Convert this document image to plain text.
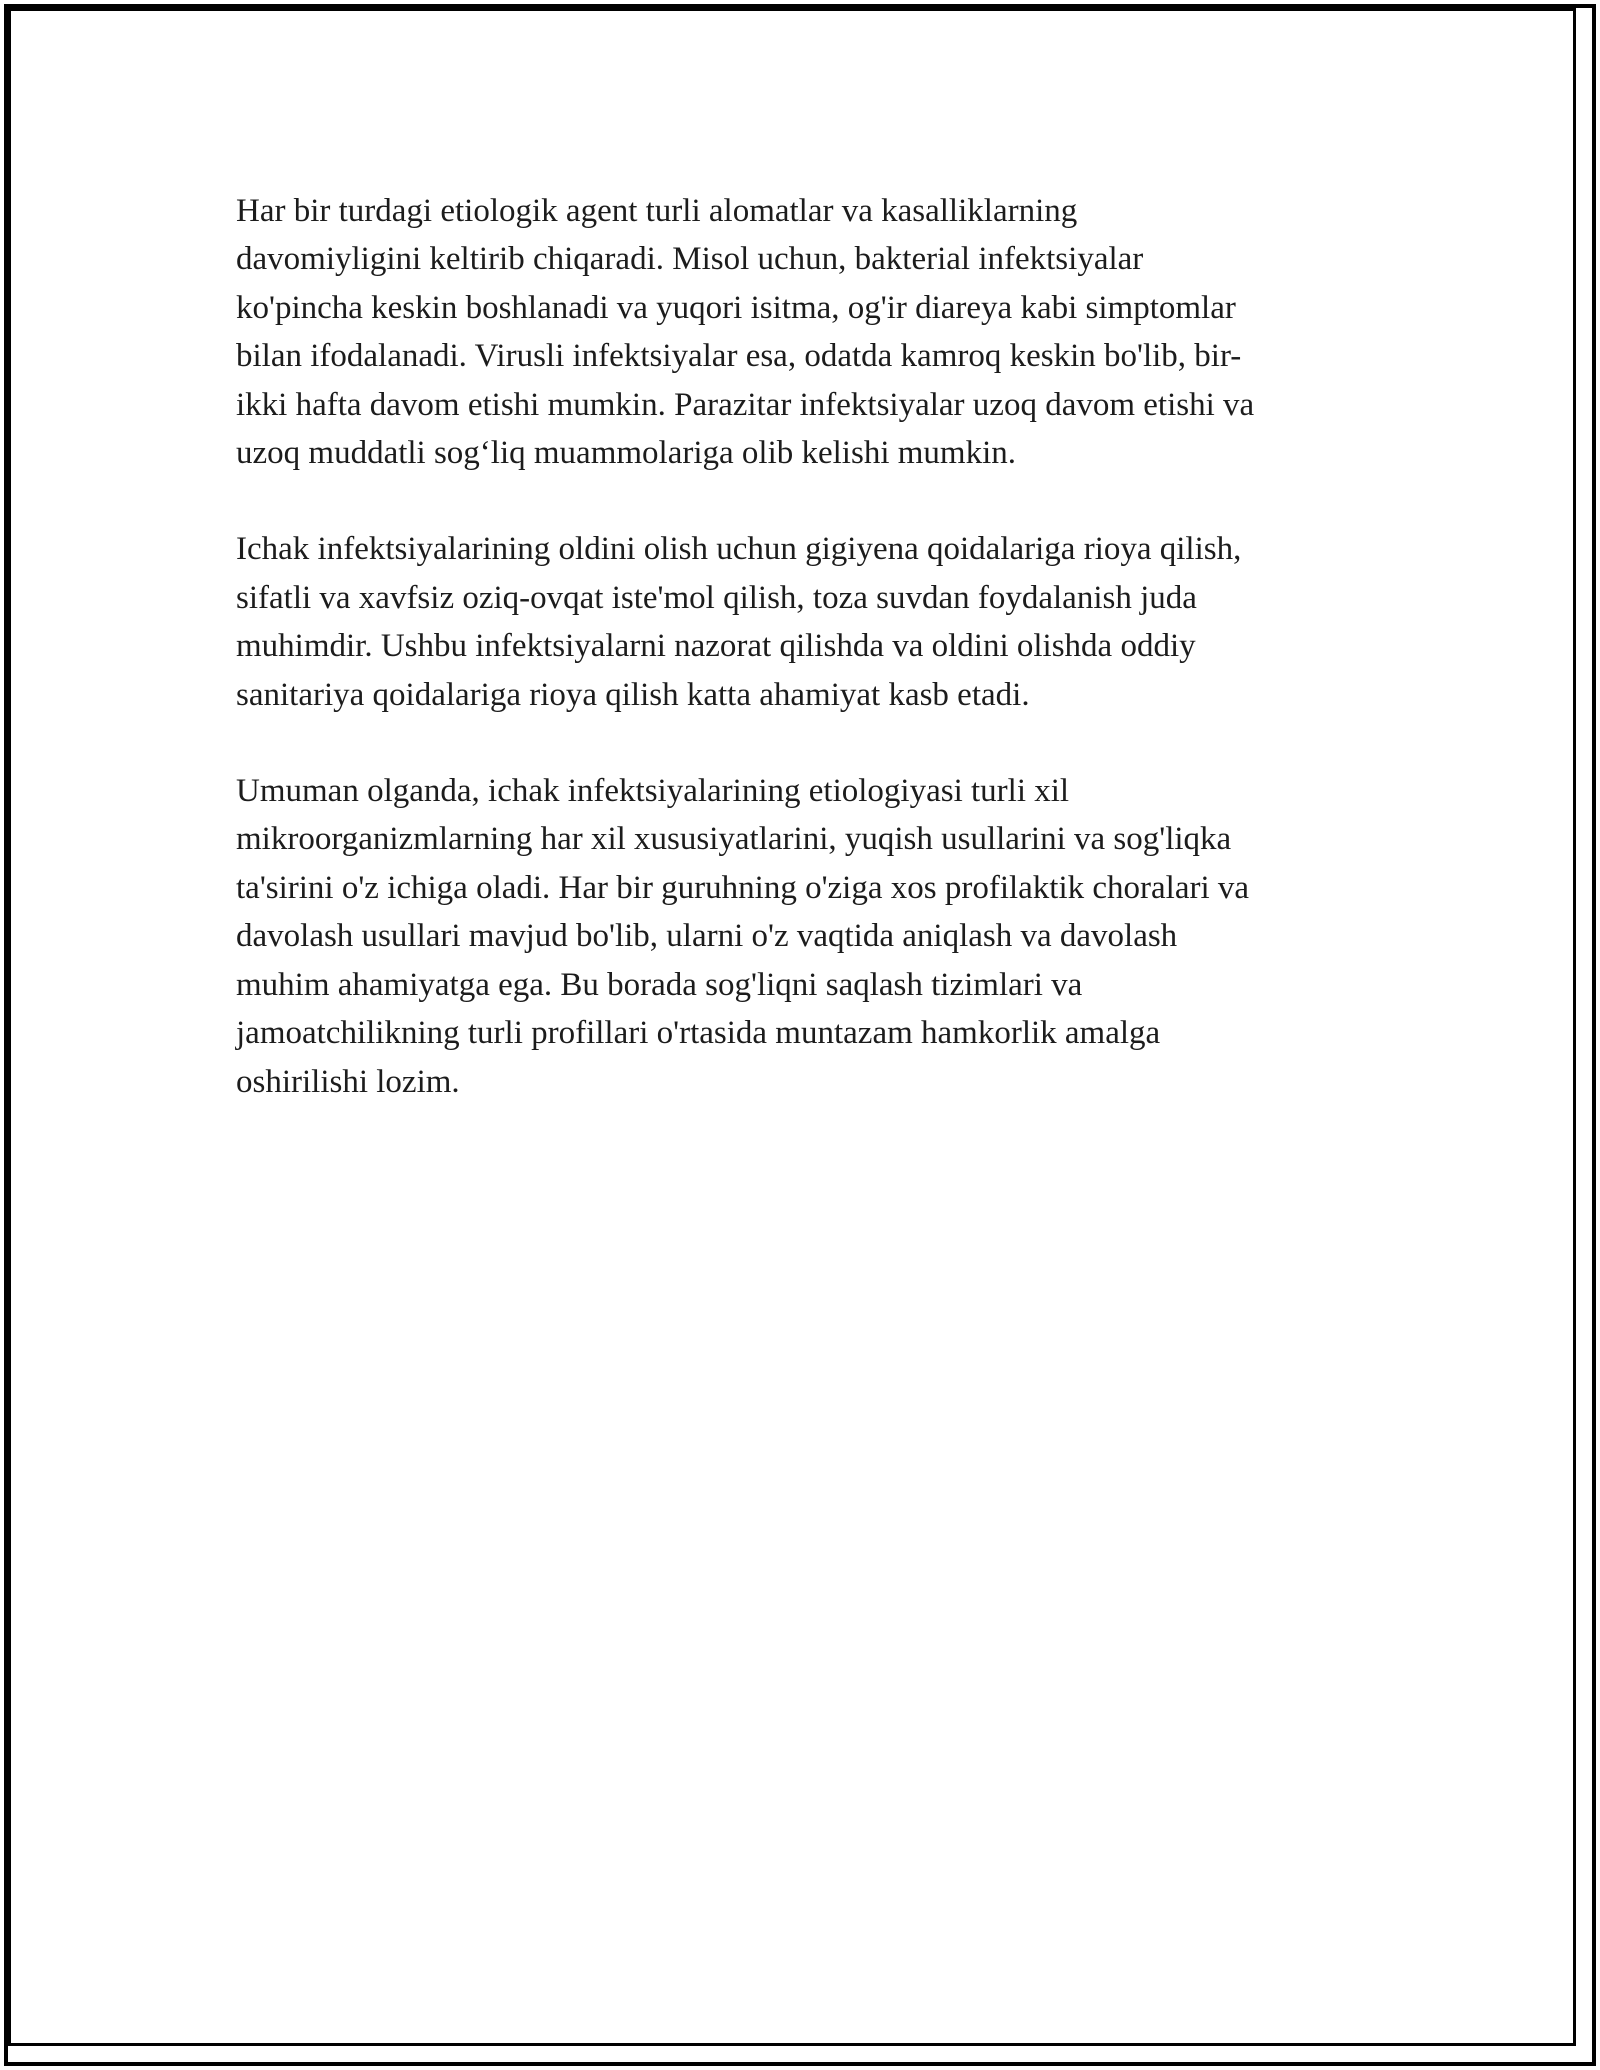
Har bir turdagi etiologik agent turli alomatlar va kasalliklarning
davomiyligini keltirib chiqaradi. Misol uchun, bakterial infektsiyalar
ko'pincha keskin boshlanadi va yuqori isitma, og'ir diareya kabi simptomlar
bilan ifodalanadi. Virusli infektsiyalar esa, odatda kamroq keskin bo'lib, bir-
ikki hafta davom etishi mumkin. Parazitar infektsiyalar uzoq davom etishi va
uzoq muddatli sog‘liq muammolariga olib kelishi mumkin.

Ichak infektsiyalarining oldini olish uchun gigiyena qoidalariga rioya qilish,
sifatli va xavfsiz oziq-ovqat iste'mol qilish, toza suvdan foydalanish juda
muhimdir. Ushbu infektsiyalarni nazorat qilishda va oldini olishda oddiy
sanitariya qoidalariga rioya qilish katta ahamiyat kasb etadi.

Umuman olganda, ichak infektsiyalarining etiologiyasi turli xil
mikroorganizmlarning har xil xususiyatlarini, yuqish usullarini va sog'liqka
ta'sirini o'z ichiga oladi. Har bir guruhning o'ziga xos profilaktik choralari va
davolash usullari mavjud bo'lib, ularni o'z vaqtida aniqlash va davolash
muhim ahamiyatga ega. Bu borada sog'liqni saqlash tizimlari va
jamoatchilikning turli profillari o'rtasida muntazam hamkorlik amalga
oshirilishi lozim.
